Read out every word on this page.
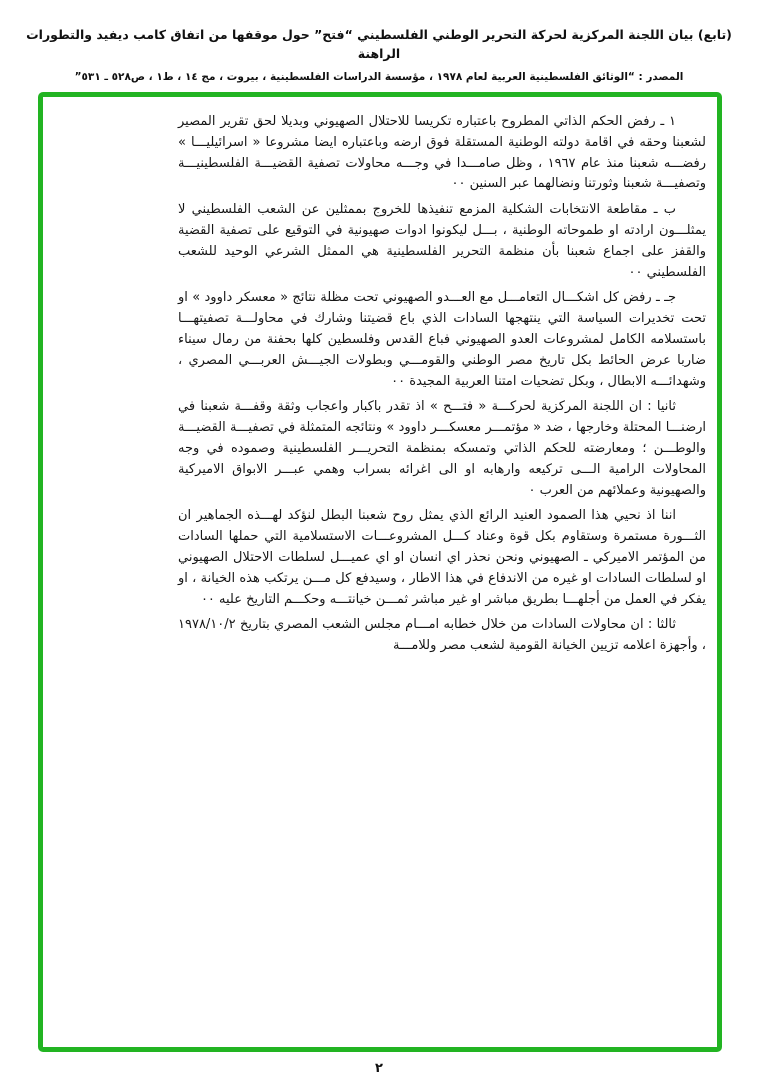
(تابع) بيان اللجنة المركزية لحركة التحرير الوطني الفلسطيني “فتح” حول موقفها من اتفاق كامب ديفيد والتطورات الراهنة
المصدر : “الوثائق الفلسطينية العربية لعام ١٩٧٨ ، مؤسسة الدراسات الفلسطينية ، بيروت ، مج ١٤ ، ط١ ، ص٥٢٨ ـ ٥٣١”

١ ـ رفض الحكم الذاتي المطروح باعتباره تكريسا للاحتلال الصهيوني وبديلا لحق تقرير المصير لشعبنا وحقه في اقامة دولته الوطنية المستقلة فوق ارضه وباعتباره ايضا مشروعا « اسرائيليـــا » رفضـــه شعبنا منذ عام ١٩٦٧ ، وظل صامـــدا في وجـــه محاولات تصفية القضيـــة الفلسطينيـــة وتصفيـــة شعبنا وثورتنا ونضالهما عبر السنين ٠٠

ب ـ مقاطعة الانتخابات الشكلية المزمع تنفيذها للخروج بممثلين عن الشعب الفلسطيني لا يمثلـــون ارادته او طموحاته الوطنية ، بـــل ليكونوا ادوات صهيونية في التوقيع على تصفية القضية والقفز على اجماع شعبنا بأن منظمة التحرير الفلسطينية هي الممثل الشرعي الوحيد للشعب الفلسطيني ٠٠

جـ ـ رفض كل اشكـــال التعامـــل مع العـــدو الصهيوني تحت مظلة نتائج « معسكر داوود » او تحت تخديرات السياسة التي ينتهجها السادات الذي باع قضيتنا وشارك في محاولـــة تصفيتهـــا باستسلامه الكامل لمشروعات العدو الصهيوني فباع القدس وفلسطين كلها بحفنة من رمال سيناء ضاربا عرض الحائط بكل تاريخ مصر الوطني والقومـــي وبطولات الجيـــش العربـــي المصري ، وشهدائـــه الابطال ، وبكل تضحيات امتنا العربية المجيدة ٠٠

ثانيا : ان اللجنة المركزية لحركـــة « فتـــح » اذ تقدر باكبار واعجاب وثقة وقفـــة شعبنا في ارضنـــا المحتلة وخارجها ، ضد « مؤتمـــر معسكـــر داوود » ونتائجه المتمثلة في تصفيـــة القضيـــة والوطـــن ؛ ومعارضته للحكم الذاتي وتمسكه بمنظمة التحريـــر الفلسطينية وصموده في وجه المحاولات الرامية الـــى تركيعه وارهابه او الى اغرائه بسراب وهمي عبـــر الابواق الاميركية والصهيونية وعملائهم من العرب ٠

اننا اذ نحيي هذا الصمود العنيد الرائع الذي يمثل روح شعبنا البطل لنؤكد لهـــذه الجماهير ان الثـــورة مستمرة وستقاوم بكل قوة وعناد كـــل المشروعـــات الاستسلامية التي حملها السادات من المؤتمر الاميركي ـ الصهيوني ونحن نحذر اي انسان او اي عميـــل لسلطات الاحتلال الصهيوني او لسلطات السادات او غيره من الاندفاع في هذا الاطار ، وسيدفع كل مـــن يرتكب هذه الخيانة ، او يفكر في العمل من أجلهـــا بطريق مباشر او غير مباشر ثمـــن خيانتـــه وحكـــم التاريخ عليه ٠٠

ثالثا : ان محاولات السادات من خلال خطابه امـــام مجلس الشعب المصري بتاريخ ١٩٧٨/١٠/٢ ، وأجهزة اعلامه تزيين الخيانة القومية لشعب مصر وللامـــة

٢
